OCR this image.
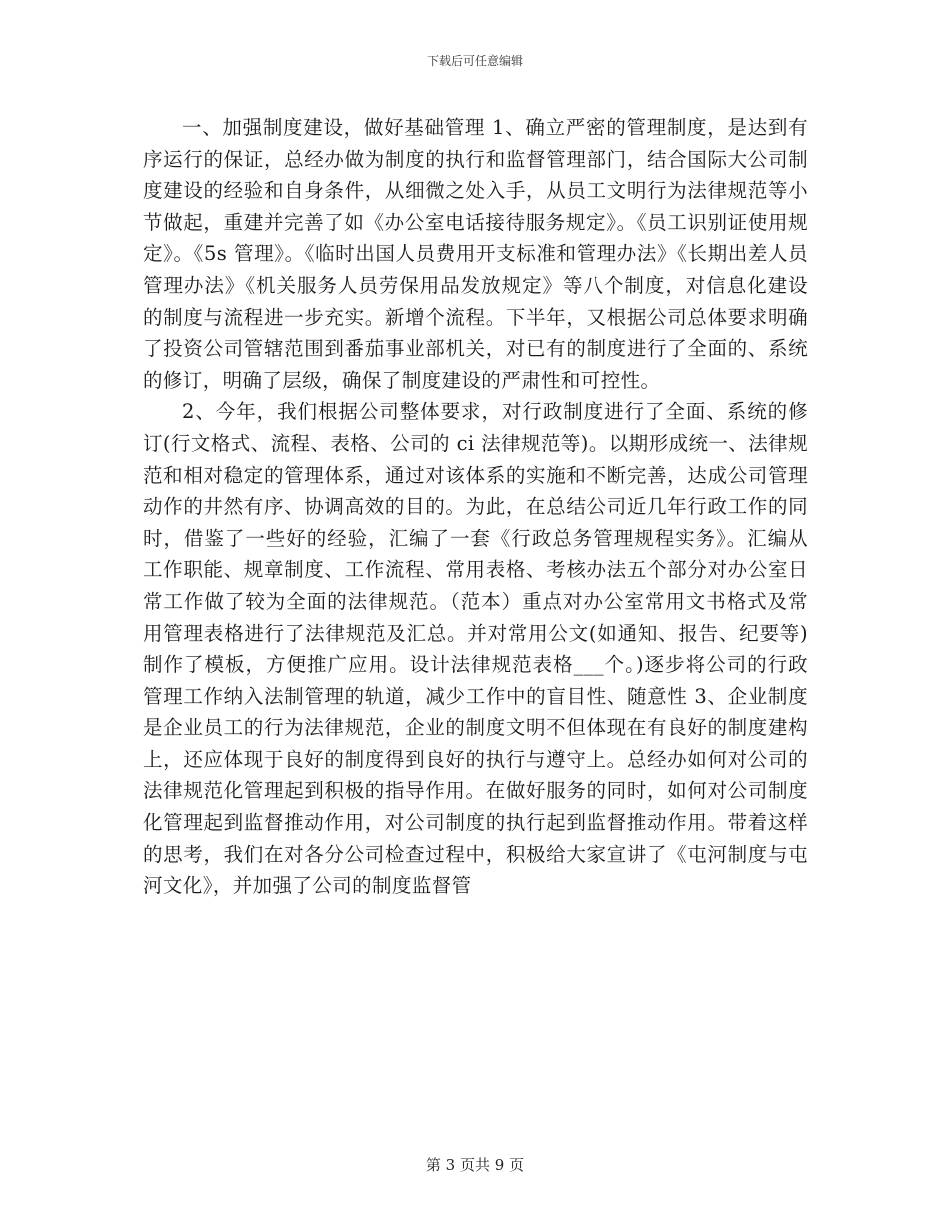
下载后可任意编辑

一、加强制度建设，做好基础管理 1、确立严密的管理制度，是达到有序运行的保证，总经办做为制度的执行和监督管理部门，结合国际大公司制度建设的经验和自身条件，从细微之处入手，从员工文明行为法律规范等小节做起，重建并完善了如《办公室电话接待服务规定》。《员工识别证使用规定》。《5s 管理》。《临时出国人员费用开支标准和管理办法》《长期出差人员管理办法》《机关服务人员劳保用品发放规定》等八个制度，对信息化建设的制度与流程进一步充实。新增个流程。下半年，又根据公司总体要求明确了投资公司管辖范围到番茄事业部机关，对已有的制度进行了全面的、系统的修订，明确了层级，确保了制度建设的严肃性和可控性。

2、今年，我们根据公司整体要求，对行政制度进行了全面、系统的修订(行文格式、流程、表格、公司的 ci 法律规范等)。以期形成统一、法律规范和相对稳定的管理体系，通过对该体系的实施和不断完善，达成公司管理动作的井然有序、协调高效的目的。为此，在总结公司近几年行政工作的同时，借鉴了一些好的经验，汇编了一套《行政总务管理规程实务》。汇编从工作职能、规章制度、工作流程、常用表格、考核办法五个部分对办公室日常工作做了较为全面的法律规范。（范本）重点对办公室常用文书格式及常用管理表格进行了法律规范及汇总。并对常用公文(如通知、报告、纪要等)制作了模板，方便推广应用。设计法律规范表格___个。)逐步将公司的行政管理工作纳入法制管理的轨道，减少工作中的盲目性、随意性 3、企业制度是企业员工的行为法律规范，企业的制度文明不但体现在有良好的制度建构上，还应体现于良好的制度得到良好的执行与遵守上。总经办如何对公司的法律规范化管理起到积极的指导作用。在做好服务的同时，如何对公司制度化管理起到监督推动作用，对公司制度的执行起到监督推动作用。带着这样的思考，我们在对各分公司检查过程中，积极给大家宣讲了《屯河制度与屯河文化》，并加强了公司的制度监督管

第 3 页共 9 页
